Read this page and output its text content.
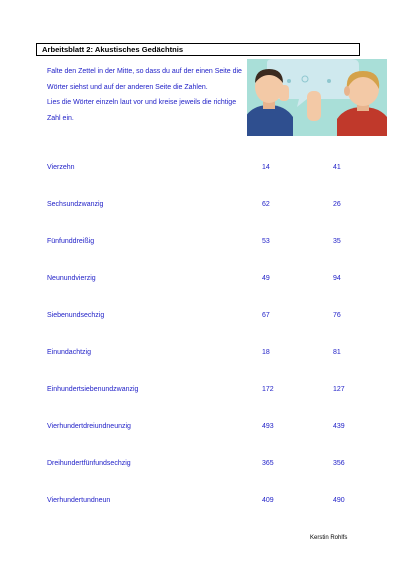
Arbeitsblatt 2: Akustisches Gedächtnis

Falte den Zettel in der Mitte, so dass du auf der einen Seite die Wörter siehst und auf der anderen Seite die Zahlen.

Lies die Wörter einzeln laut vor und kreise jeweils die richtige Zahl ein.

Vierzehn	14	41
Sechsundzwanzig	62	26
Fünfunddreißig	53	35
Neunundvierzig	49	94
Siebenundsechzig	67	76
Einundachtzig	18	81
Einhundertsiebenundzwanzig	172	127
Vierhundertdreiundneunzig	493	439
Dreihundertfünfundsechzig	365	356
Vierhundertundneun	409	490
Kerstin Rohlfs
